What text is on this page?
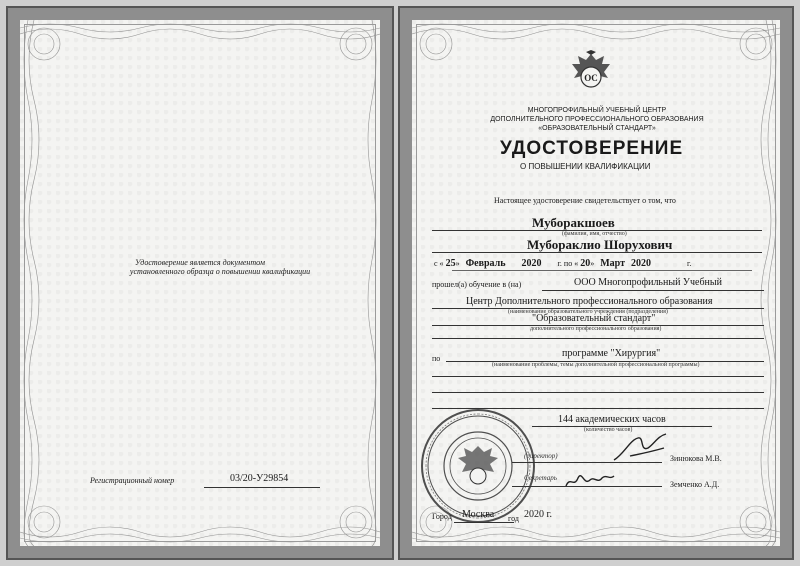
Удостоверение является документом
установленного образца о повышении квалификации
Регистрационный номер	03/20-У29854
ОС
МНОГОПРОФИЛЬНЫЙ УЧЕБНЫЙ ЦЕНТР
ДОПОЛНИТЕЛЬНОГО ПРОФЕССИОНАЛЬНОГО ОБРАЗОВАНИЯ
«ОБРАЗОВАТЕЛЬНЫЙ СТАНДАРТ»
УДОСТОВЕРЕНИЕ
О ПОВЫШЕНИИ КВАЛИФИКАЦИИ
Настоящее удостоверение свидетельствует о том, что
Муборакшоев
(фамилия, имя, отчество)
Мубораклио Шорухович
с « 25» Февраль 2020 г. по « 20» Март 2020	г.
прошел(а) обучение в (на)	ООО Многопрофильный Учебный
Центр Дополнительного профессионального образования
(наименование образовательного учреждения (подразделения)
"Образовательный стандарт"
дополнительного профессионального образования)
по	программе "Хирургия"
(наименование проблемы, темы дополнительной профессиональной программы)
144 академических часов
(количество часов)
(директор)	Зинюкова М.В.
Секретарь
Земченко А.Д.
Город Москва год 2020 г.
